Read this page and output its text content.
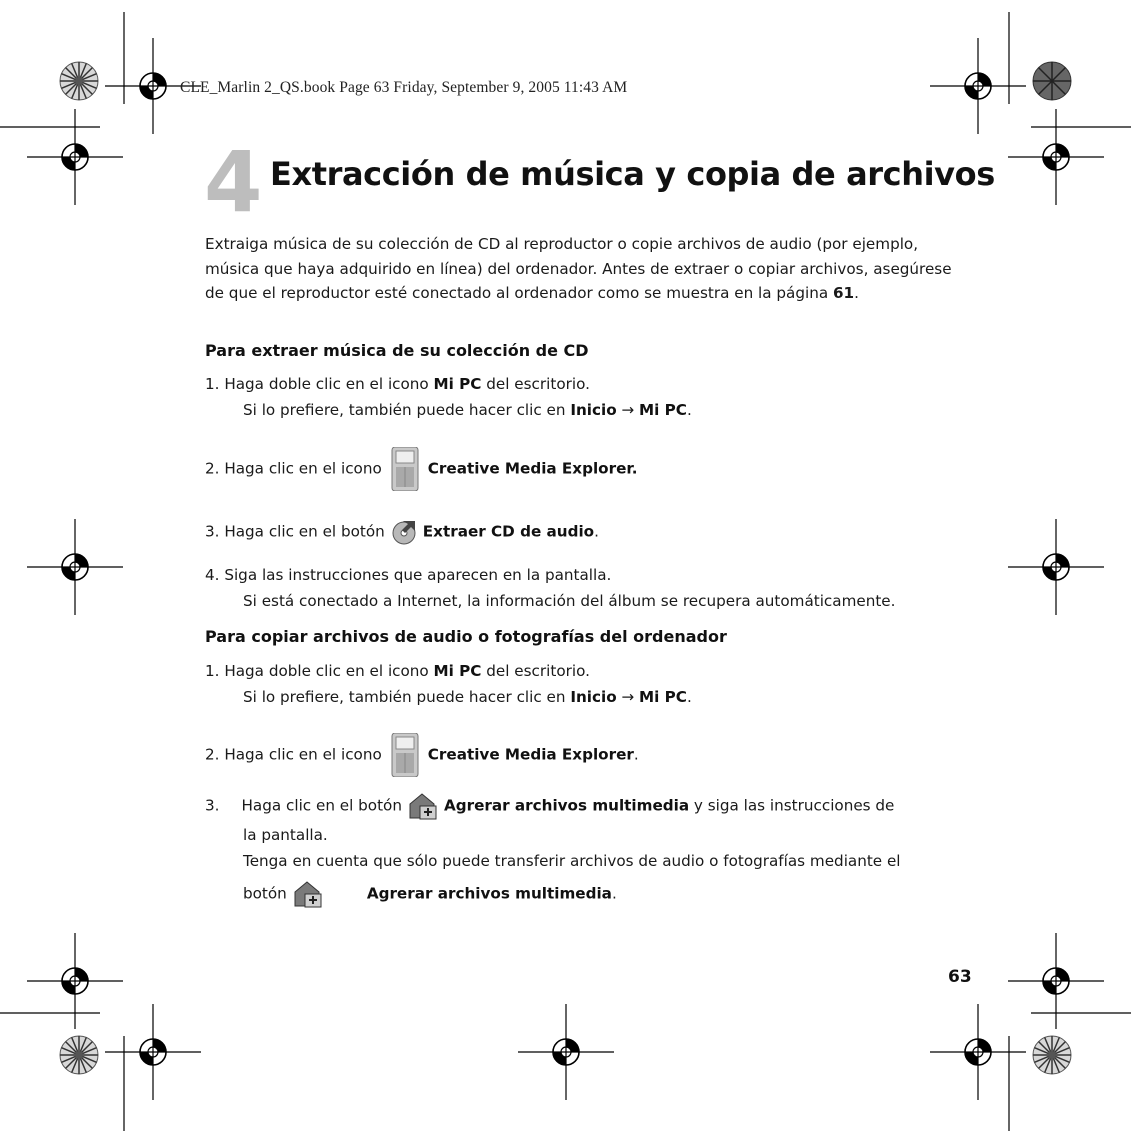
CLE_Marlin 2_QS.book Page 63 Friday, September 9, 2005 11:43 AM
4 Extracción de música y copia de archivos

Extraiga música de su colección de CD al reproductor o copie archivos de audio (por ejemplo, música que haya adquirido en línea) del ordenador. Antes de extraer o copiar archivos, asegúrese de que el reproductor esté conectado al ordenador como se muestra en la página 61.

Para extraer música de su colección de CD
1. Haga doble clic en el icono Mi PC del escritorio.
Si lo prefiere, también puede hacer clic en Inicio → Mi PC.
2. Haga clic en el icono	Creative Media Explorer.
3. Haga clic en el botón	Extraer CD de audio.
4. Siga las instrucciones que aparecen en la pantalla.
Si está conectado a Internet, la información del álbum se recupera automáticamente.
Para copiar archivos de audio o fotografías del ordenador
1. Haga doble clic en el icono Mi PC del escritorio.
Si lo prefiere, también puede hacer clic en Inicio → Mi PC.
2. Haga clic en el icono	Creative Media Explorer.
3. Haga clic en el botón	Agrerar archivos multimedia y siga las instrucciones de
la pantalla.
Tenga en cuenta que sólo puede transferir archivos de audio o fotografías mediante el
botón	Agrerar archivos multimedia.
63
